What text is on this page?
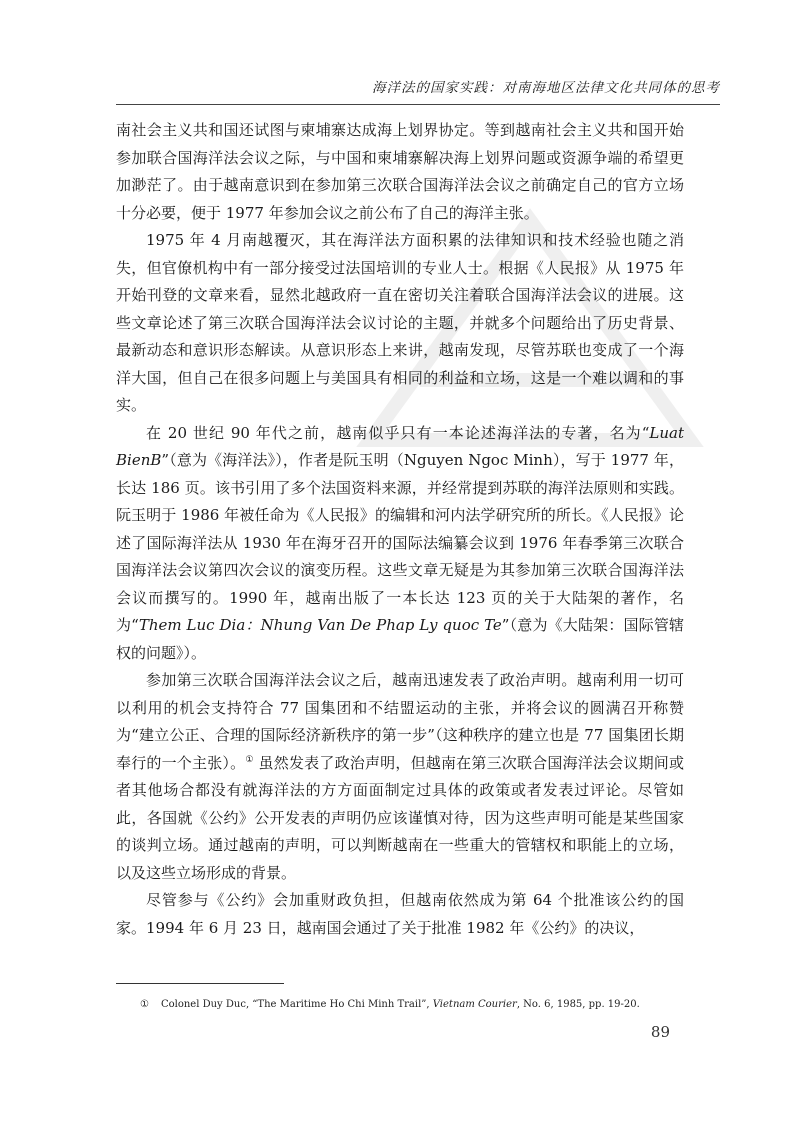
海洋法的国家实践：对南海地区法律文化共同体的思考

南社会主义共和国还试图与柬埔寨达成海上划界协定。等到越南社会主义共和国开始参加联合国海洋法会议之际，与中国和柬埔寨解决海上划界问题或资源争端的希望更加渺茫了。由于越南意识到在参加第三次联合国海洋法会议之前确定自己的官方立场十分必要，便于 1977 年参加会议之前公布了自己的海洋主张。

1975 年 4 月南越覆灭，其在海洋法方面积累的法律知识和技术经验也随之消失，但官僚机构中有一部分接受过法国培训的专业人士。根据《人民报》从 1975 年开始刊登的文章来看，显然北越政府一直在密切关注着联合国海洋法会议的进展。这些文章论述了第三次联合国海洋法会议讨论的主题，并就多个问题给出了历史背景、最新动态和意识形态解读。从意识形态上来讲，越南发现，尽管苏联也变成了一个海洋大国，但自己在很多问题上与美国具有相同的利益和立场，这是一个难以调和的事实。

在 20 世纪 90 年代之前，越南似乎只有一本论述海洋法的专著，名为“Luat BienB”（意为《海洋法》），作者是阮玉明（Nguyen Ngoc Minh），写于 1977 年，长达 186 页。该书引用了多个法国资料来源，并经常提到苏联的海洋法原则和实践。阮玉明于 1986 年被任命为《人民报》的编辑和河内法学研究所的所长。《人民报》论述了国际海洋法从 1930 年在海牙召开的国际法编纂会议到 1976 年春季第三次联合国海洋法会议第四次会议的演变历程。这些文章无疑是为其参加第三次联合国海洋法会议而撰写的。1990 年，越南出版了一本长达 123 页的关于大陆架的著作，名为“Them Luc Dia：Nhung Van De Phap Ly quoc Te”（意为《大陆架：国际管辖权的问题》）。

参加第三次联合国海洋法会议之后，越南迅速发表了政治声明。越南利用一切可以利用的机会支持符合 77 国集团和不结盟运动的主张，并将会议的圆满召开称赞为“建立公正、合理的国际经济新秩序的第一步”（这种秩序的建立也是 77 国集团长期奉行的一个主张）。① 虽然发表了政治声明，但越南在第三次联合国海洋法会议期间或者其他场合都没有就海洋法的方方面面制定过具体的政策或者发表过评论。尽管如此，各国就《公约》公开发表的声明仍应该谨慎对待，因为这些声明可能是某些国家的谈判立场。通过越南的声明，可以判断越南在一些重大的管辖权和职能上的立场，以及这些立场形成的背景。

尽管参与《公约》会加重财政负担，但越南依然成为第 64 个批准该公约的国家。1994 年 6 月 23 日，越南国会通过了关于批准 1982 年《公约》的决议，

① Colonel Duy Duc, “The Maritime Ho Chi Minh Trail”, Vietnam Courier, No. 6, 1985, pp. 19-20.
89
